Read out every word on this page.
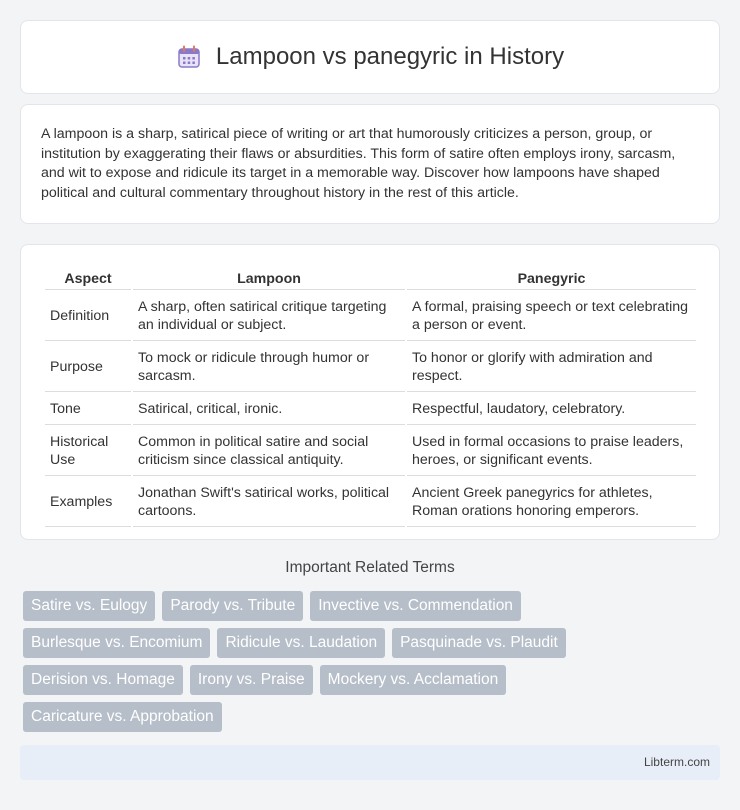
Lampoon vs panegyric in History

A lampoon is a sharp, satirical piece of writing or art that humorously criticizes a person, group, or institution by exaggerating their flaws or absurdities. This form of satire often employs irony, sarcasm, and wit to expose and ridicule its target in a memorable way. Discover how lampoons have shaped political and cultural commentary throughout history in the rest of this article.

Aspect	Lampoon	Panegyric
Definition	A sharp, often satirical critique targeting an individual or subject.	A formal, praising speech or text celebrating a person or event.
Purpose	To mock or ridicule through humor or sarcasm.	To honor or glorify with admiration and respect.
Tone	Satirical, critical, ironic.	Respectful, laudatory, celebratory.
Historical Use	Common in political satire and social criticism since classical antiquity.	Used in formal occasions to praise leaders, heroes, or significant events.
Examples	Jonathan Swift's satirical works, political cartoons.	Ancient Greek panegyrics for athletes, Roman orations honoring emperors.
Important Related Terms
Satire vs. Eulogy	Parody vs. Tribute	Invective vs. Commendation
Burlesque vs. Encomium	Ridicule vs. Laudation	Pasquinade vs. Plaudit
Derision vs. Homage	Irony vs. Praise	Mockery vs. Acclamation
Caricature vs. Approbation
Libterm.com
